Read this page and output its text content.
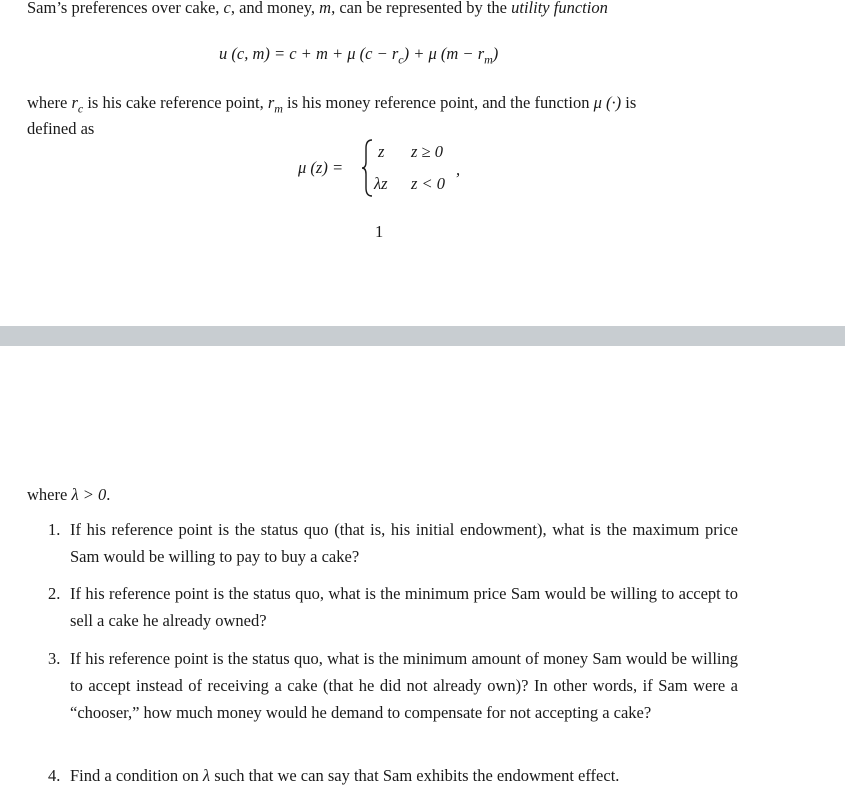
Sam’s preferences over cake, c, and money, m, can be represented by the utility function
u (c, m) = c + m + μ $(c - r_c) + \mu$ $(m - r_m)$
where $r_c$ is his cake reference point, $r_m$ is his money reference point, and the function μ (·) is
defined as
μ (z) =
z z ≥ 0
λz z < 0
,
1
where λ > 0.
1. If his reference point is the status quo (that is, his initial endowment), what is the maximum price Sam would be willing to pay to buy a cake?
2. If his reference point is the status quo, what is the minimum price Sam would be willing to accept to sell a cake he already owned?
3. If his reference point is the status quo, what is the minimum amount of money Sam would be willing to accept instead of receiving a cake (that he did not already own)? In other words, if Sam were a “chooser,” how much money would he demand to compensate for not accepting a cake?
4. Find a condition on λ such that we can say that Sam exhibits the endowment effect.
